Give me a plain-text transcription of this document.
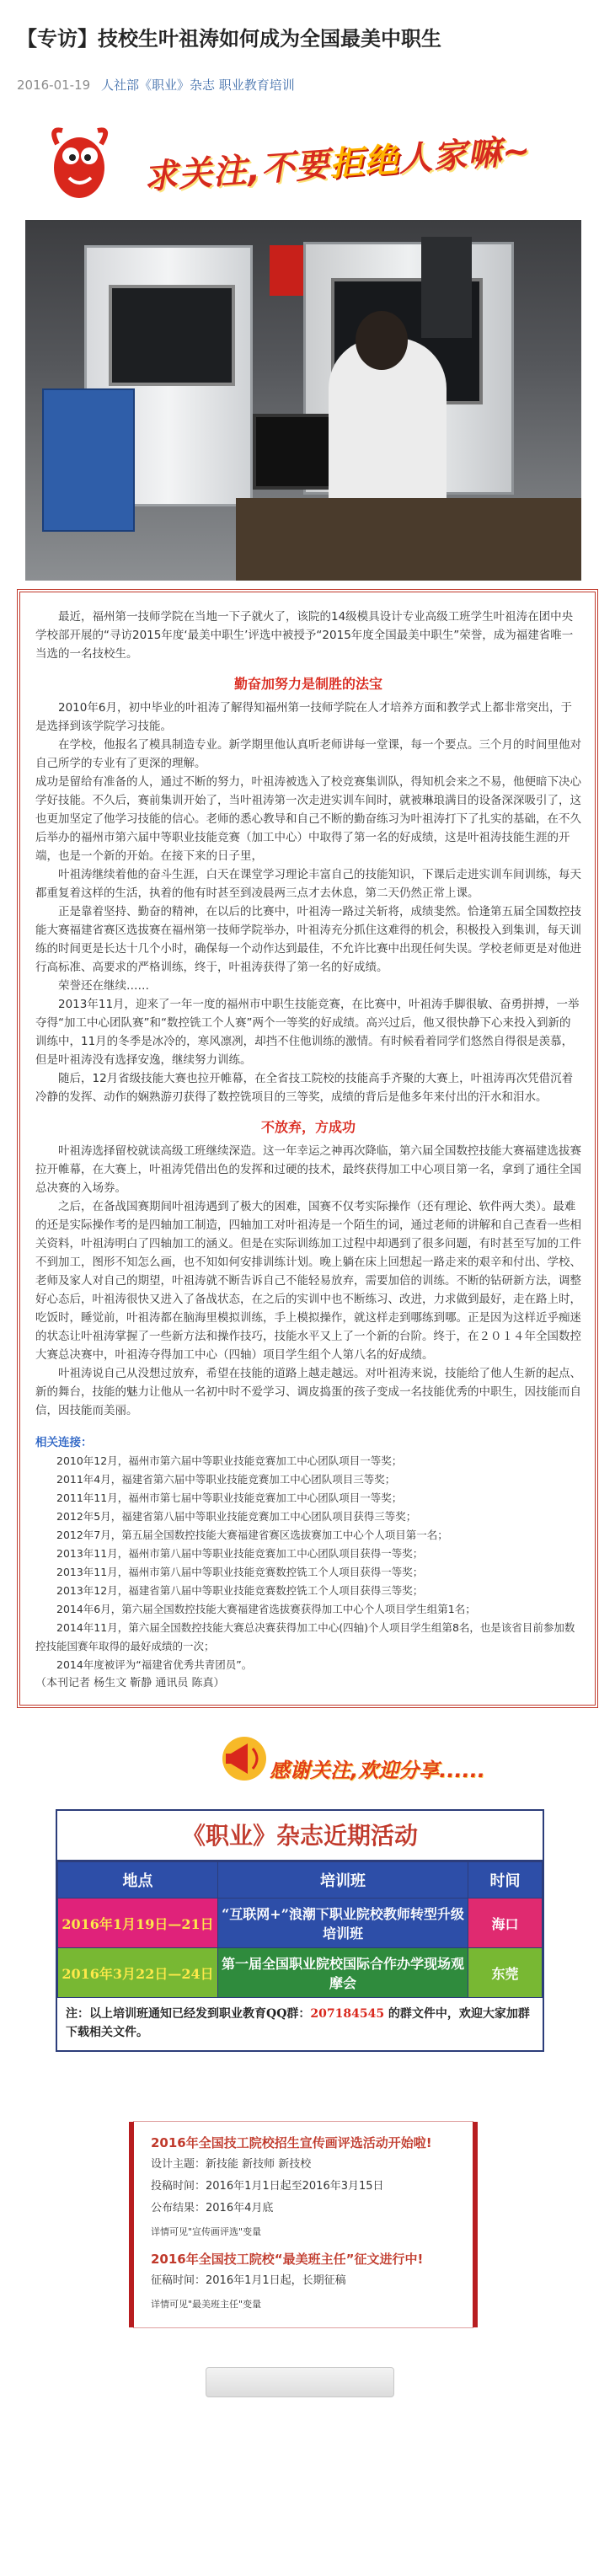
【专访】技校生叶祖涛如何成为全国最美中职生
2016-01-19 人社部《职业》杂志 职业教育培训
求关注,不要拒绝人家嘛~

最近，福州第一技师学院在当地一下子就火了，该院的14级模具设计专业高级工班学生叶祖涛在团中央学校部开展的“寻访2015年度‘最美中职生’评选中被授予“2015年度全国最美中职生”荣誉，成为福建省唯一当选的一名技校生。

勤奋加努力是制胜的法宝

2010年6月，初中毕业的叶祖涛了解得知福州第一技师学院在人才培养方面和教学式上都非常突出，于是选择到该学院学习技能。

在学校，他报名了模具制造专业。新学期里他认真听老师讲每一堂课，每一个要点。三个月的时间里他对自己所学的专业有了更深的理解。

成功是留给有准备的人，通过不断的努力，叶祖涛被选入了校竞赛集训队，得知机会来之不易，他便暗下决心学好技能。不久后，赛前集训开始了，当叶祖涛第一次走进实训车间时，就被琳琅满目的设备深深吸引了，这也更加坚定了他学习技能的信心。老师的悉心教导和自己不断的勤奋练习为叶祖涛打下了扎实的基础，在不久后举办的福州市第六届中等职业技能竞赛（加工中心）中取得了第一名的好成绩，这是叶祖涛技能生涯的开端，也是一个新的开始。在接下来的日子里，

叶祖涛继续着他的奋斗生涯，白天在课堂学习理论丰富自己的技能知识，下课后走进实训车间训练，每天都重复着这样的生活，执着的他有时甚至到凌晨两三点才去休息，第二天仍然正常上课。

正是靠着坚持、勤奋的精神，在以后的比赛中，叶祖涛一路过关斩将，成绩斐然。恰逢第五届全国数控技能大赛福建省赛区选拔赛在福州第一技师学院举办，叶祖涛充分抓住这难得的机会，积极投入到集训，每天训练的时间更是长达十几个小时，确保每一个动作达到最佳，不允许比赛中出现任何失误。学校老师更是对他进行高标准、高要求的严格训练，终于，叶祖涛获得了第一名的好成绩。

荣誉还在继续……

2013年11月，迎来了一年一度的福州市中职生技能竞赛，在比赛中，叶祖涛手脚很敏、奋勇拼搏，一举夺得“加工中心团队赛”和“数控铣工个人赛”两个一等奖的好成绩。高兴过后，他又很快静下心来投入到新的训练中，11月的冬季是冰冷的，寒风凛冽，却挡不住他训练的激情。有时候看着同学们悠然自得很是羡慕，但是叶祖涛没有选择安逸，继续努力训练。

随后，12月省级技能大赛也拉开帷幕，在全省技工院校的技能高手齐聚的大赛上，叶祖涛再次凭借沉着冷静的发挥、动作的娴熟游刃获得了数控铣项目的三等奖，成绩的背后是他多年来付出的汗水和泪水。

不放弃，方成功

叶祖涛选择留校就读高级工班继续深造。这一年幸运之神再次降临，第六届全国数控技能大赛福建选拔赛拉开帷幕，在大赛上，叶祖涛凭借出色的发挥和过硬的技术，最终获得加工中心项目第一名，拿到了通往全国总决赛的入场券。

之后，在备战国赛期间叶祖涛遇到了极大的困难，国赛不仅考实际操作（还有理论、软件两大类）。最难的还是实际操作考的是四轴加工制造，四轴加工对叶祖涛是一个陌生的词，通过老师的讲解和自己查看一些相关资料，叶祖涛明白了四轴加工的涵义。但是在实际训练加工过程中却遇到了很多问题，有时甚至写加的工件不到加工，图形不知怎么画，也不知如何安排训练计划。晚上躺在床上回想起一路走来的艰辛和付出、学校、老师及家人对自己的期望，叶祖涛就不断告诉自己不能轻易放弃，需要加倍的训练。不断的钻研新方法，调整好心态后，叶祖涛很快又进入了备战状态，在之后的实训中也不断练习、改进，力求做到最好，走在路上时，吃饭时，睡觉前，叶祖涛都在脑海里模拟训练，手上模拟操作，就这样走到哪练到哪。正是因为这样近乎痴迷的状态让叶祖涛掌握了一些新方法和操作技巧，技能水平又上了一个新的台阶。终于，在２０１４年全国数控大赛总决赛中，叶祖涛夺得加工中心（四轴）项目学生组个人第八名的好成绩。

叶祖涛说自己从没想过放弃，希望在技能的道路上越走越远。对叶祖涛来说，技能给了他人生新的起点、新的舞台，技能的魅力让他从一名初中时不爱学习、调皮捣蛋的孩子变成一名技能优秀的中职生，因技能而自信，因技能而美丽。

相关连接：
2010年12月，福州市第六届中等职业技能竞赛加工中心团队项目一等奖；
2011年4月，福建省第六届中等职业技能竞赛加工中心团队项目三等奖；
2011年11月，福州市第七届中等职业技能竞赛加工中心团队项目一等奖；
2012年5月，福建省第八届中等职业技能竞赛加工中心团队项目获得三等奖；
2012年7月，第五届全国数控技能大赛福建省赛区选拔赛加工中心个人项目第一名；
2013年11月，福州市第八届中等职业技能竞赛加工中心团队项目获得一等奖；
2013年11月，福州市第八届中等职业技能竞赛数控铣工个人项目获得一等奖；
2013年12月，福建省第八届中等职业技能竞赛数控铣工个人项目获得三等奖；
2014年6月，第六届全国数控技能大赛福建省选拔赛获得加工中心个人项目学生组第1名；
2014年11月，第六届全国数控技能大赛总决赛获得加工中心(四轴)个人项目学生组第8名，也是该省目前参加数控技能国赛年取得的最好成绩的一次；
2014年度被评为“福建省优秀共青团员”。
（本刊记者 杨生文 靳静 通讯员 陈真）
感谢关注,欢迎分享......
《职业》杂志近期活动
地点	培训班	时间
2016年1月19日—21日	“互联网+”浪潮下职业院校教师转型升级培训班	海口
2016年3月22日—24日	第一届全国职业院校国际合作办学现场观摩会	东莞
注：以上培训班通知已经发到职业教育QQ群：207184545 的群文件中，欢迎大家加群下载相关文件。
2016年全国技工院校招生宣传画评选活动开始啦!
设计主题：新技能 新技师 新技校
投稿时间：2016年1月1日起至2016年3月15日
公布结果：2016年4月底
详情可见"宣传画评选"变量
2016年全国技工院校“最美班主任”征文进行中!
征稿时间：2016年1月1日起，长期征稿
详情可见"最美班主任"变量
